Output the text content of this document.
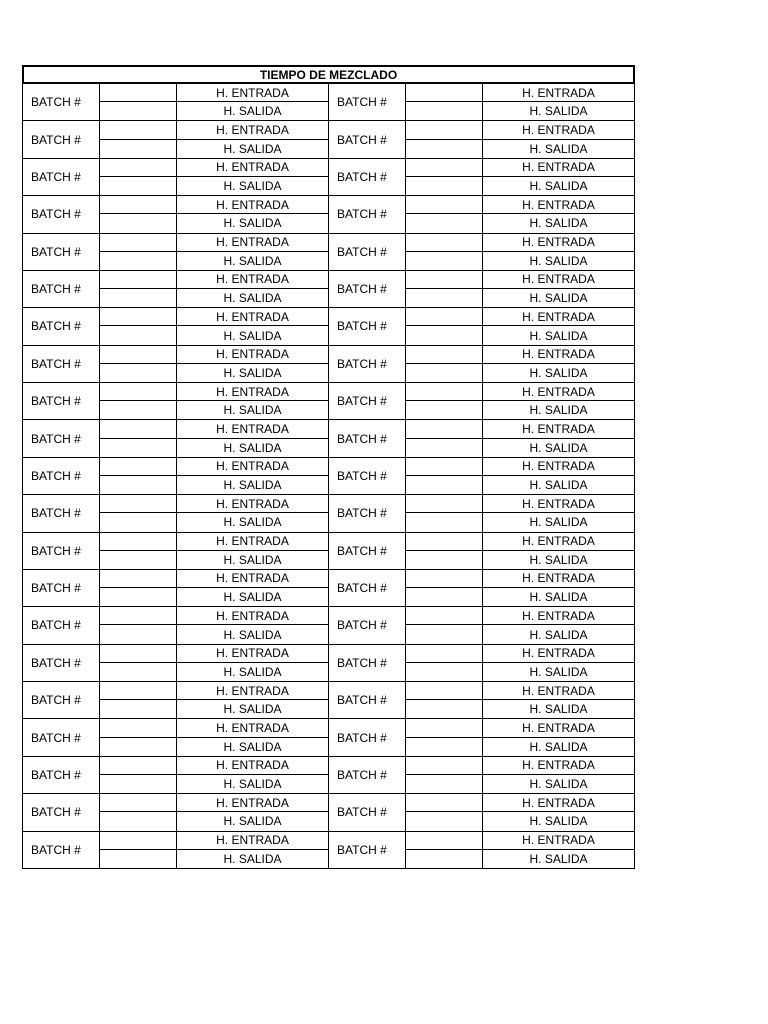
TIEMPO DE MEZCLADO
BATCH #
H. ENTRADA
H. SALIDA
BATCH #
H. ENTRADA
H. SALIDA
BATCH #
H. ENTRADA
H. SALIDA
BATCH #
H. ENTRADA
H. SALIDA
BATCH #
H. ENTRADA
H. SALIDA
BATCH #
H. ENTRADA
H. SALIDA
BATCH #
H. ENTRADA
H. SALIDA
BATCH #
H. ENTRADA
H. SALIDA
BATCH #
H. ENTRADA
H. SALIDA
BATCH #
H. ENTRADA
H. SALIDA
BATCH #
H. ENTRADA
H. SALIDA
BATCH #
H. ENTRADA
H. SALIDA
BATCH #
H. ENTRADA
H. SALIDA
BATCH #
H. ENTRADA
H. SALIDA
BATCH #
H. ENTRADA
H. SALIDA
BATCH #
H. ENTRADA
H. SALIDA
BATCH #
H. ENTRADA
H. SALIDA
BATCH #
H. ENTRADA
H. SALIDA
BATCH #
H. ENTRADA
H. SALIDA
BATCH #
H. ENTRADA
H. SALIDA
BATCH #
H. ENTRADA
H. SALIDA
BATCH #
H. ENTRADA
H. SALIDA
BATCH #
H. ENTRADA
H. SALIDA
BATCH #
H. ENTRADA
H. SALIDA
BATCH #
H. ENTRADA
H. SALIDA
BATCH #
H. ENTRADA
H. SALIDA
BATCH #
H. ENTRADA
H. SALIDA
BATCH #
H. ENTRADA
H. SALIDA
BATCH #
H. ENTRADA
H. SALIDA
BATCH #
H. ENTRADA
H. SALIDA
BATCH #
H. ENTRADA
H. SALIDA
BATCH #
H. ENTRADA
H. SALIDA
BATCH #
H. ENTRADA
H. SALIDA
BATCH #
H. ENTRADA
H. SALIDA
BATCH #
H. ENTRADA
H. SALIDA
BATCH #
H. ENTRADA
H. SALIDA
BATCH #
H. ENTRADA
H. SALIDA
BATCH #
H. ENTRADA
H. SALIDA
BATCH #
H. ENTRADA
H. SALIDA
BATCH #
H. ENTRADA
H. SALIDA
BATCH #
H. ENTRADA
H. SALIDA
BATCH #
H. ENTRADA
H. SALIDA
